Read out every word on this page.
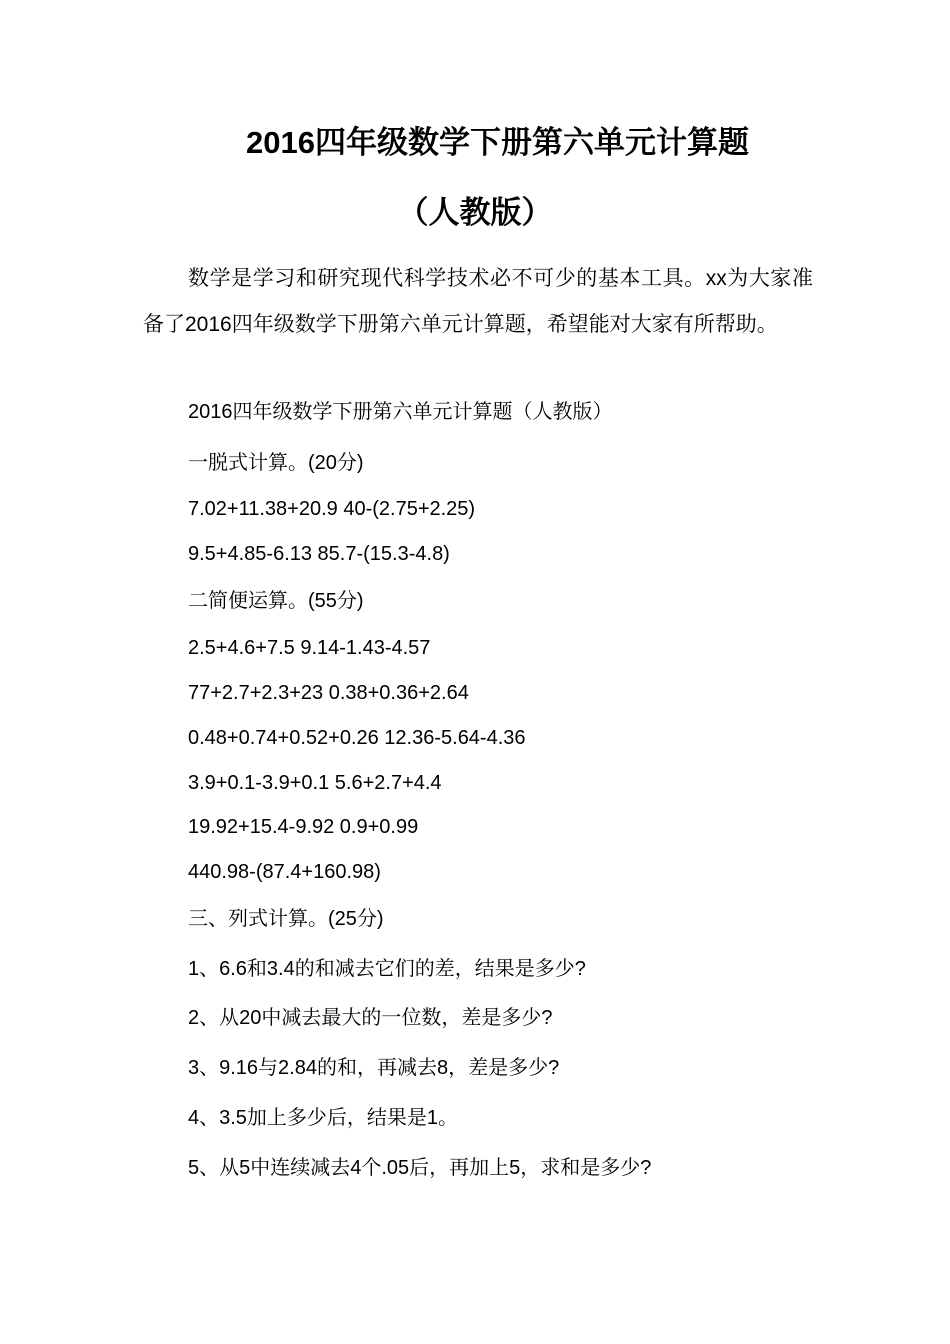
2016四年级数学下册第六单元计算题
（人教版）
数学是学习和研究现代科学技术必不可少的基本工具。xx为大家准备了2016四年级数学下册第六单元计算题，希望能对大家有所帮助。
2016四年级数学下册第六单元计算题（人教版）
一脱式计算。(20分)
7.02+11.38+20.9 40-(2.75+2.25)
9.5+4.85-6.13 85.7-(15.3-4.8)
二简便运算。(55分)
2.5+4.6+7.5 9.14-1.43-4.57
77+2.7+2.3+23 0.38+0.36+2.64
0.48+0.74+0.52+0.26 12.36-5.64-4.36
3.9+0.1-3.9+0.1 5.6+2.7+4.4
19.92+15.4-9.92 0.9+0.99
440.98-(87.4+160.98)
三、列式计算。(25分)
1、6.6和3.4的和减去它们的差，结果是多少?
2、从20中减去最大的一位数，差是多少?
3、9.16与2.84的和，再减去8，差是多少?
4、3.5加上多少后，结果是1。
5、从5中连续减去4个.05后，再加上5，求和是多少?
